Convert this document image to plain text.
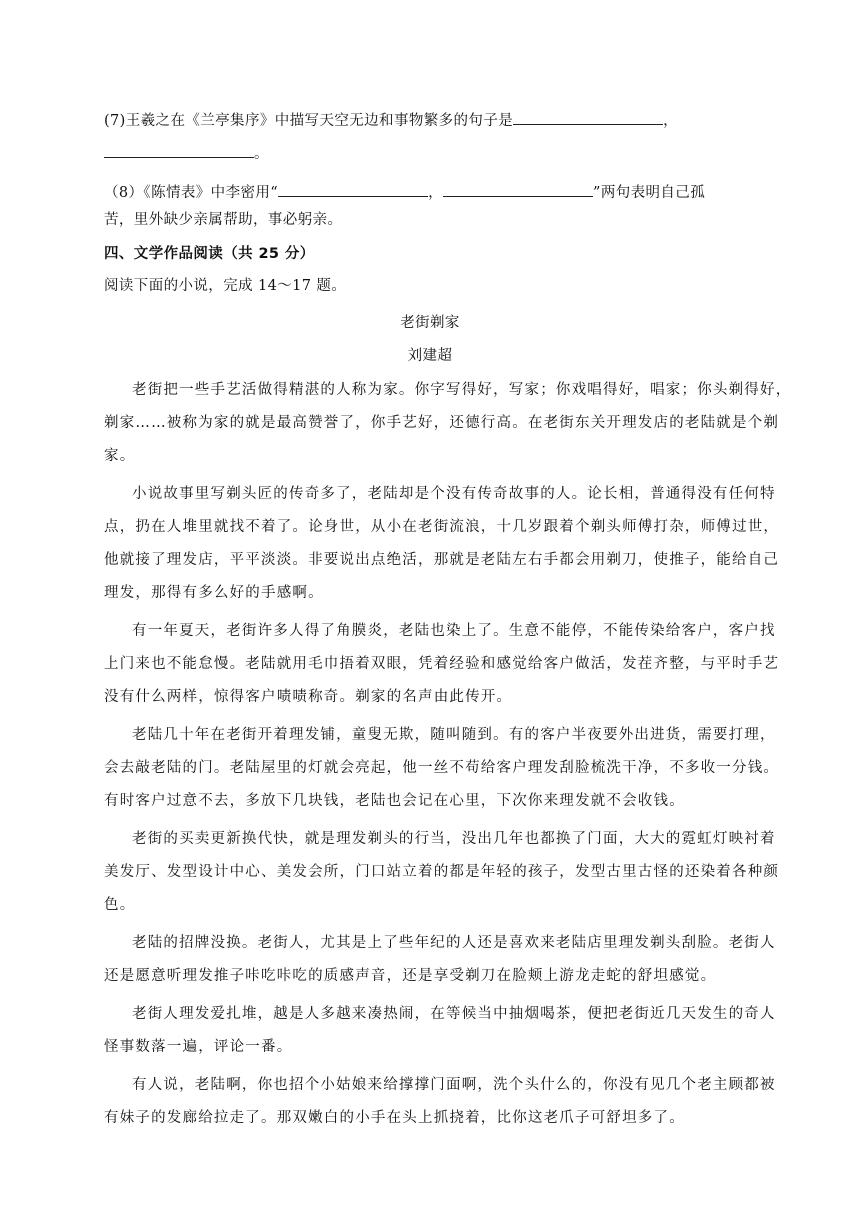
(7)王羲之在《兰亭集序》中描写天空无边和事物繁多的句子是	，
。
（8）《陈情表》中李密用“	，	”两句表明自己孤
苦，里外缺少亲属帮助，事必躬亲。
四、文学作品阅读（共 25 分）
阅读下面的小说，完成 14～17 题。
老街剃家
刘建超
老街把一些手艺活做得精湛的人称为家。你字写得好，写家；你戏唱得好，唱家；你头剃得好，
剃家……被称为家的就是最高赞誉了，你手艺好，还德行高。在老街东关开理发店的老陆就是个剃
家。
小说故事里写剃头匠的传奇多了，老陆却是个没有传奇故事的人。论长相，普通得没有任何特
点，扔在人堆里就找不着了。论身世，从小在老街流浪，十几岁跟着个剃头师傅打杂，师傅过世，
他就接了理发店，平平淡淡。非要说出点绝活，那就是老陆左右手都会用剃刀，使推子，能给自己
理发，那得有多么好的手感啊。
有一年夏天，老街许多人得了角膜炎，老陆也染上了。生意不能停，不能传染给客户，客户找
上门来也不能怠慢。老陆就用毛巾捂着双眼，凭着经验和感觉给客户做活，发茬齐整，与平时手艺
没有什么两样，惊得客户啧啧称奇。剃家的名声由此传开。
老陆几十年在老街开着理发铺，童叟无欺，随叫随到。有的客户半夜要外出进货，需要打理，
会去敲老陆的门。老陆屋里的灯就会亮起，他一丝不苟给客户理发刮脸梳洗干净，不多收一分钱。
有时客户过意不去，多放下几块钱，老陆也会记在心里，下次你来理发就不会收钱。
老街的买卖更新换代快，就是理发剃头的行当，没出几年也都换了门面，大大的霓虹灯映衬着
美发厅、发型设计中心、美发会所，门口站立着的都是年轻的孩子，发型古里古怪的还染着各种颜
色。
老陆的招牌没换。老街人，尤其是上了些年纪的人还是喜欢来老陆店里理发剃头刮脸。老街人
还是愿意听理发推子咔吃咔吃的质感声音，还是享受剃刀在脸颊上游龙走蛇的舒坦感觉。
老街人理发爱扎堆，越是人多越来凑热闹，在等候当中抽烟喝茶，便把老街近几天发生的奇人
怪事数落一遍，评论一番。
有人说，老陆啊，你也招个小姑娘来给撑撑门面啊，洗个头什么的，你没有见几个老主顾都被
有妹子的发廊给拉走了。那双嫩白的小手在头上抓挠着，比你这老爪子可舒坦多了。
